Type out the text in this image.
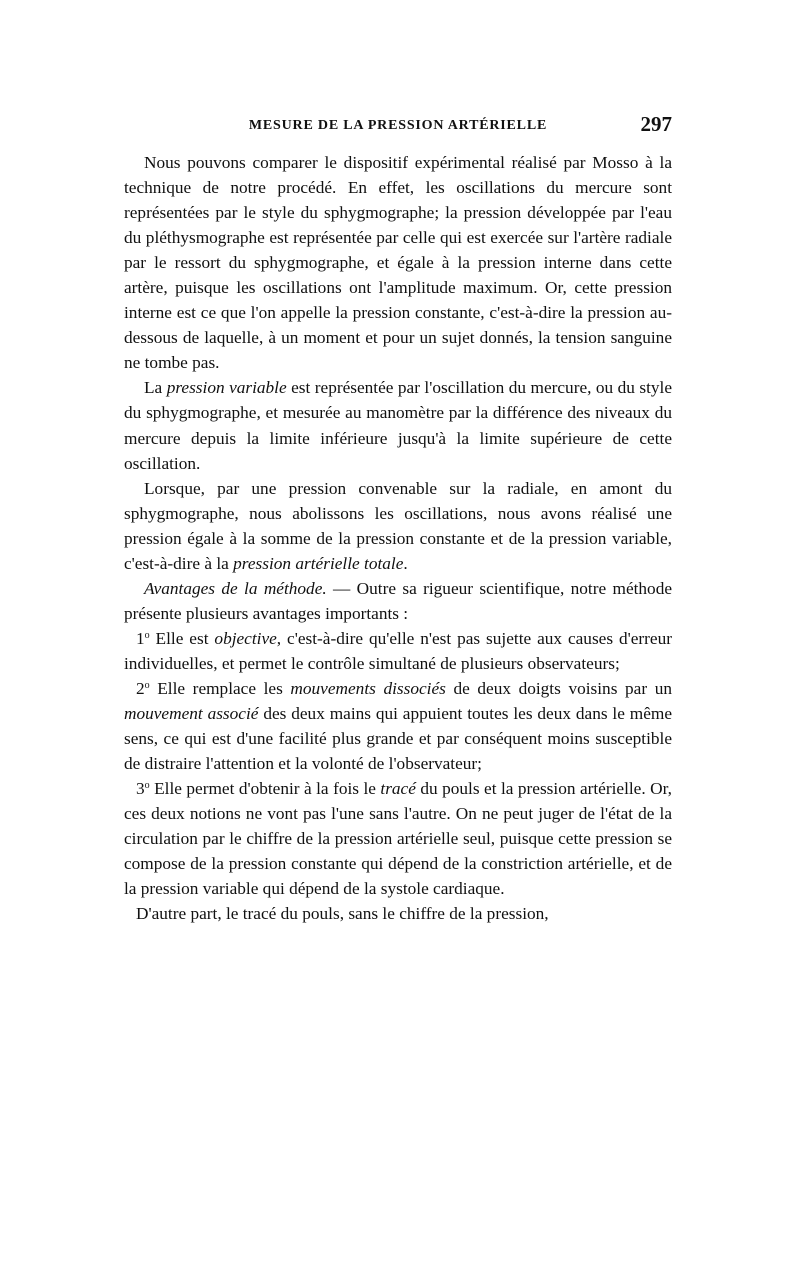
MESURE DE LA PRESSION ARTÉRIELLE	297

Nous pouvons comparer le dispositif expérimental réalisé par Mosso à la technique de notre procédé. En effet, les oscillations du mercure sont représentées par le style du sphygmographe; la pression développée par l'eau du pléthysmographe est représentée par celle qui est exercée sur l'artère radiale par le ressort du sphygmographe, et égale à la pression interne dans cette artère, puisque les oscillations ont l'amplitude maximum. Or, cette pression interne est ce que l'on appelle la pression constante, c'est-à-dire la pression au-dessous de laquelle, à un moment et pour un sujet donnés, la tension sanguine ne tombe pas.

La pression variable est représentée par l'oscillation du mercure, ou du style du sphygmographe, et mesurée au manomètre par la différence des niveaux du mercure depuis la limite inférieure jusqu'à la limite supérieure de cette oscillation.

Lorsque, par une pression convenable sur la radiale, en amont du sphygmographe, nous abolissons les oscillations, nous avons réalisé une pression égale à la somme de la pression constante et de la pression variable, c'est-à-dire à la pression artérielle totale.

Avantages de la méthode. — Outre sa rigueur scientifique, notre méthode présente plusieurs avantages importants :

1$^o$ Elle est objective, c'est-à-dire qu'elle n'est pas sujette aux causes d'erreur individuelles, et permet le contrôle simultané de plusieurs observateurs;

2$^o$ Elle remplace les mouvements dissociés de deux doigts voisins par un mouvement associé des deux mains qui appuient toutes les deux dans le même sens, ce qui est d'une facilité plus grande et par conséquent moins susceptible de distraire l'attention et la volonté de l'observateur;

3$^o$ Elle permet d'obtenir à la fois le tracé du pouls et la pression artérielle. Or, ces deux notions ne vont pas l'une sans l'autre. On ne peut juger de l'état de la circulation par le chiffre de la pression artérielle seul, puisque cette pression se compose de la pression constante qui dépend de la constriction artérielle, et de la pression variable qui dépend de la systole cardiaque.

D'autre part, le tracé du pouls, sans le chiffre de la pression,
